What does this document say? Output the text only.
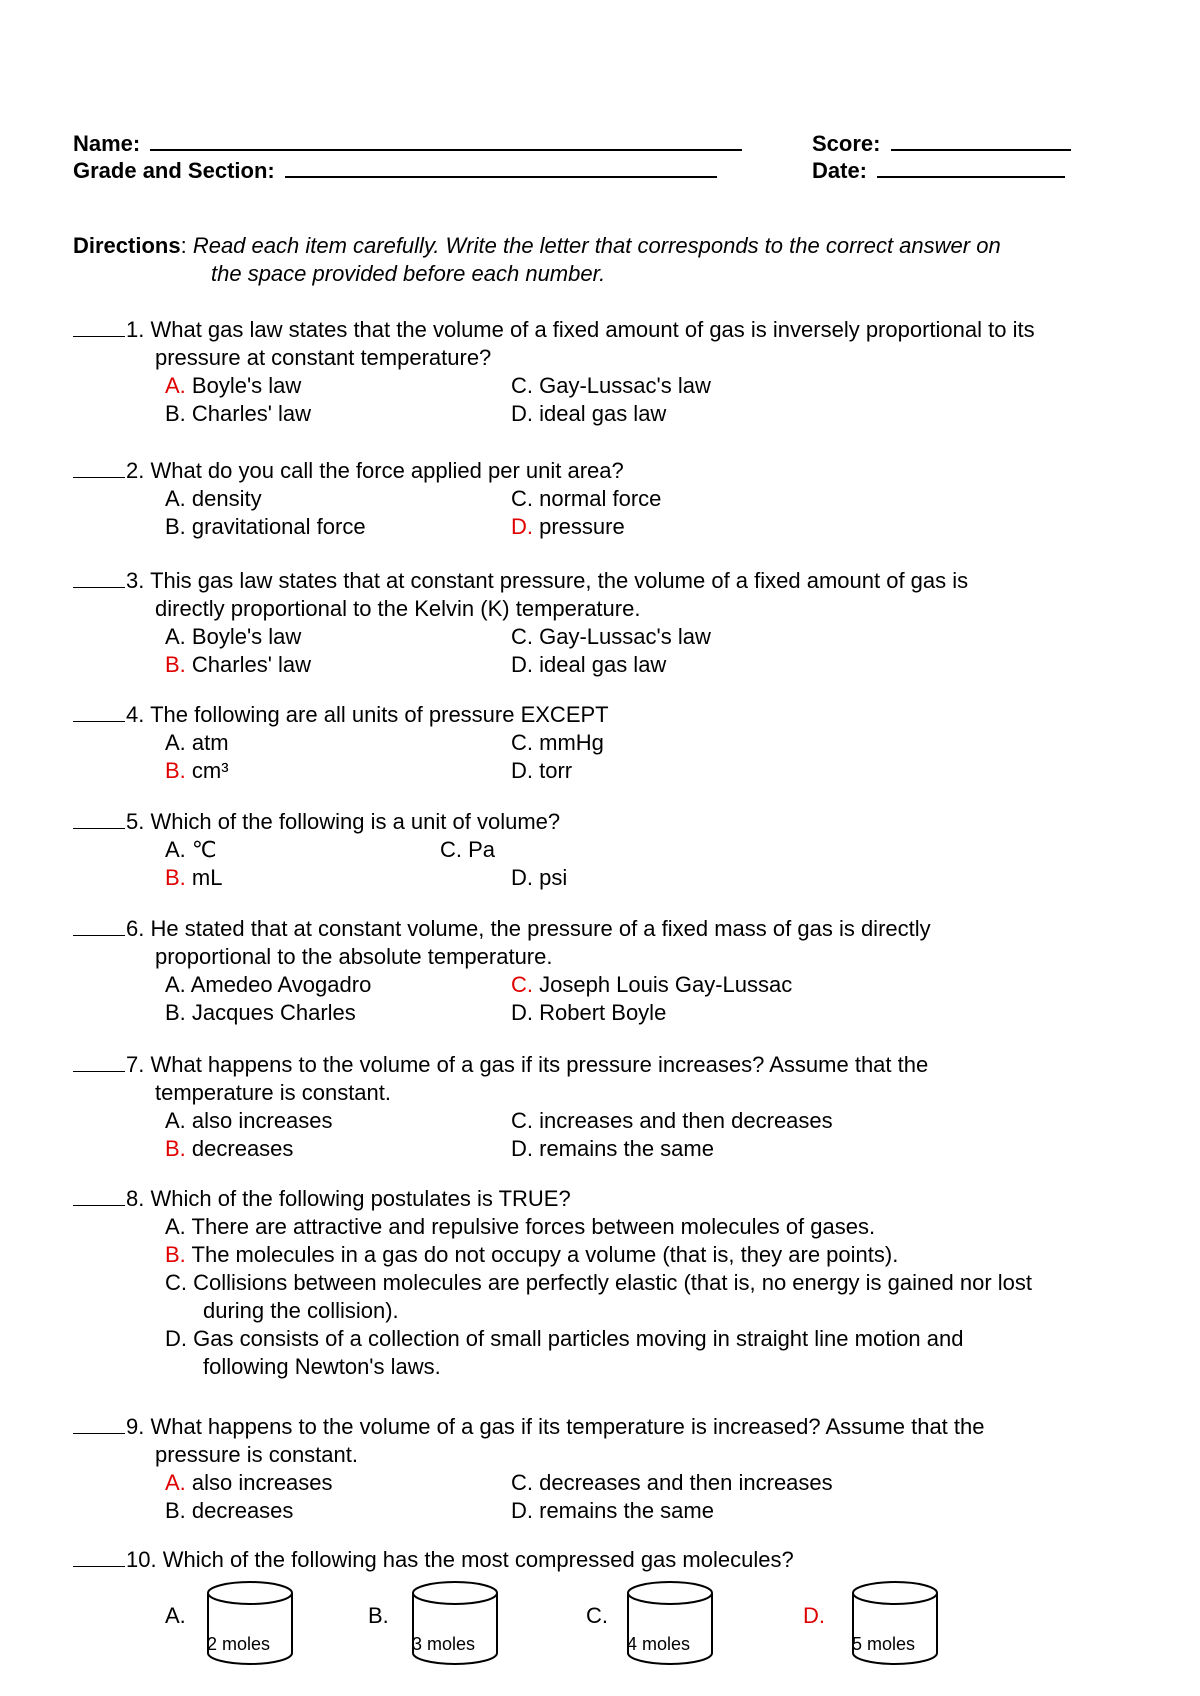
Name:	Score:
Grade and Section:	Date:
Directions: Read each item carefully. Write the letter that corresponds to the correct answer on
the space provided before each number.
1. What gas law states that the volume of a fixed amount of gas is inversely proportional to its
pressure at constant temperature?
A. Boyle's law	C. Gay-Lussac's law
B. Charles' law	D. ideal gas law
2. What do you call the force applied per unit area?
A. density	C. normal force
B. gravitational force	D. pressure
3. This gas law states that at constant pressure, the volume of a fixed amount of gas is
directly proportional to the Kelvin (K) temperature.
A. Boyle's law	C. Gay-Lussac's law
B. Charles' law	D. ideal gas law
4. The following are all units of pressure EXCEPT
A. atm	C. mmHg
B. cm³	D. torr
5. Which of the following is a unit of volume?
A. ℃	C. Pa
B. mL	D. psi
6. He stated that at constant volume, the pressure of a fixed mass of gas is directly
proportional to the absolute temperature.
A. Amedeo Avogadro	C. Joseph Louis Gay-Lussac
B. Jacques Charles	D. Robert Boyle
7. What happens to the volume of a gas if its pressure increases? Assume that the
temperature is constant.
A. also increases	C. increases and then decreases
B. decreases	D. remains the same
8. Which of the following postulates is TRUE?
A. There are attractive and repulsive forces between molecules of gases.
B. The molecules in a gas do not occupy a volume (that is, they are points).
C. Collisions between molecules are perfectly elastic (that is, no energy is gained nor lost
during the collision).
D. Gas consists of a collection of small particles moving in straight line motion and
following Newton's laws.
9. What happens to the volume of a gas if its temperature is increased? Assume that the
pressure is constant.
A. also increases	C. decreases and then increases
B. decreases	D. remains the same
10. Which of the following has the most compressed gas molecules?
A.
2 moles
B.
3 moles
C.
4 moles
D.
5 moles
